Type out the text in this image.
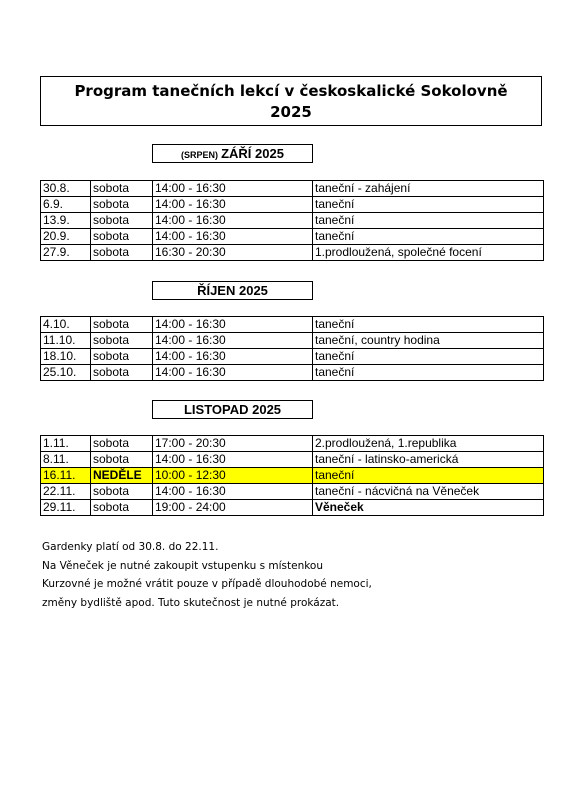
Program tanečních lekcí v českoskalické Sokolovně
2025
(SRPEN) ZÁŘÍ 2025
30.8.	sobota	14:00 - 16:30	taneční - zahájení
6.9.	sobota	14:00 - 16:30	taneční
13.9.	sobota	14:00 - 16:30	taneční
20.9.	sobota	14:00 - 16:30	taneční
27.9.	sobota	16:30 - 20:30	1.prodloužená, společné focení
ŘÍJEN 2025
4.10.	sobota	14:00 - 16:30	taneční
11.10.	sobota	14:00 - 16:30	taneční, country hodina
18.10.	sobota	14:00 - 16:30	taneční
25.10.	sobota	14:00 - 16:30	taneční
LISTOPAD 2025
1.11.	sobota	17:00 - 20:30	2.prodloužená, 1.republika
8.11.	sobota	14:00 - 16:30	taneční - latinsko-americká
16.11.	NEDĚLE	10:00 - 12:30	taneční
22.11.	sobota	14:00 - 16:30	taneční - nácvičná na Věneček
29.11.	sobota	19:00 - 24:00	Věneček
Gardenky platí od 30.8. do 22.11.
Na Věneček je nutné zakoupit vstupenku s místenkou
Kurzovné je možné vrátit pouze v případě dlouhodobé nemoci,
změny bydliště apod. Tuto skutečnost je nutné prokázat.
